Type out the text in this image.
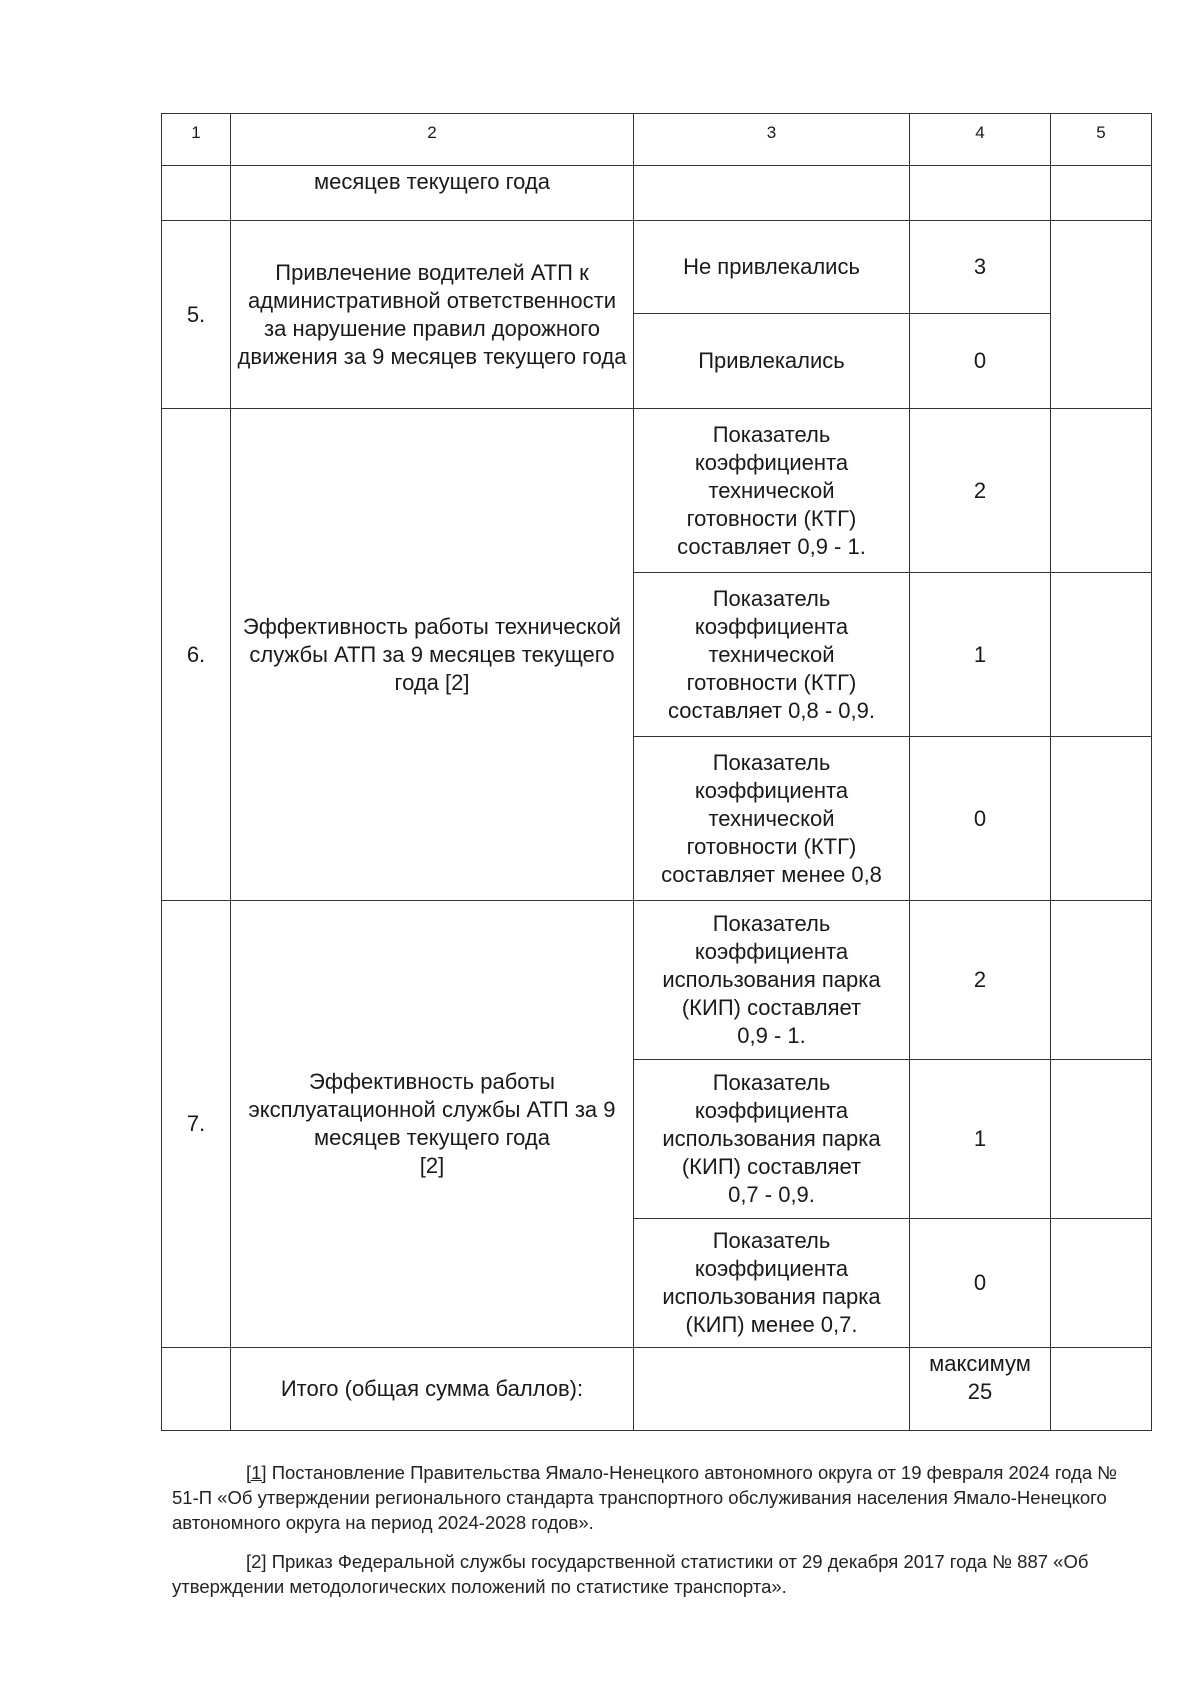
1	2	3	4	5
	месяцев текущего года			
5.	Привлечение водителей АТП к административной ответственности за нарушение правил дорожного движения за 9 месяцев текущего года	Не привлекались	3	
		Привлекались	0	
6.	Эффективность работы технической службы АТП за 9 месяцев текущего года [2]	Показатель
коэффициента
технической
готовности (КТГ)
составляет 0,9 - 1.	2	
		Показатель
коэффициента
технической
готовности (КТГ)
составляет 0,8 - 0,9.	1	
		Показатель
коэффициента
технической
готовности (КТГ)
составляет менее 0,8	0	
7.	Эффективность работы эксплуатационной службы АТП за 9 месяцев текущего года
[2]	Показатель
коэффициента
использования парка
(КИП) составляет
0,9 - 1.	2	
		Показатель
коэффициента
использования парка
(КИП) составляет
0,7 - 0,9.	1	
		Показатель
коэффициента
использования парка
(КИП) менее 0,7.	0	
	Итого (общая сумма баллов):		максимум
25	

[1] Постановление Правительства Ямало-Ненецкого автономного округа от 19 февраля 2024 года № 51-П «Об утверждении регионального стандарта транспортного обслуживания населения Ямало-Ненецкого автономного округа на период 2024-2028 годов».

[2] Приказ Федеральной службы государственной статистики от 29 декабря 2017 года № 887 «Об утверждении методологических положений по статистике транспорта».
